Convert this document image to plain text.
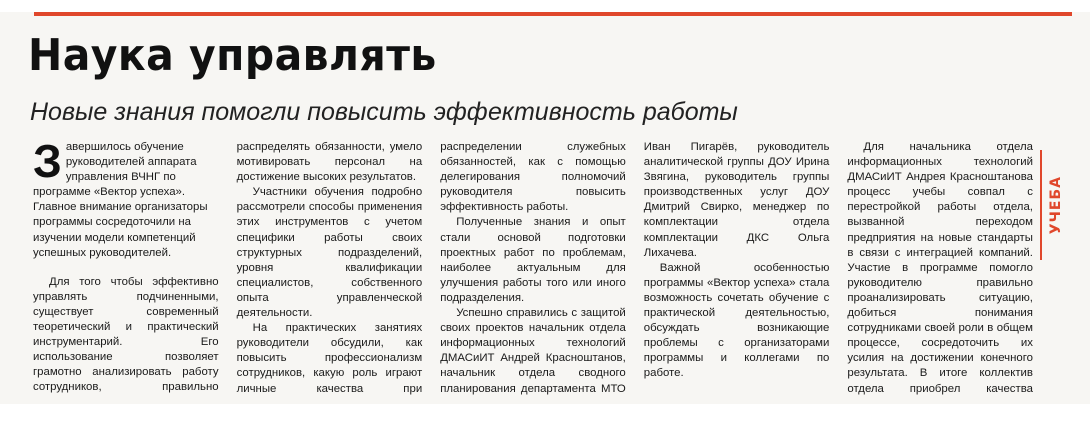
Наука управлять
Новые знания помогли повысить эффективность работы

Завершилось обучение руководителей аппарата управления ВЧНГ по программе «Вектор успеха». Главное внимание организаторы программы сосредоточили на изучении модели компетенций успешных руководителей.

Для того чтобы эффективно управлять подчиненными, существует современный теоретический и практический инструментарий. Его использование позволяет грамотно анализировать работу сотрудников, правильно распределять обязанности, умело мотивировать персонал на достижение высоких результатов.

Участники обучения подробно рассмотрели способы применения этих инструментов с учетом специфики работы своих структурных подразделений, уровня квалификации специалистов, собственного опыта управленческой деятельности.

На практических занятиях руководители обсудили, как повысить профессионализм сотрудников, какую роль играют личные качества при распределении служебных обязанностей, как с помощью делегирования полномочий руководителя повысить эффективность работы.

Полученные знания и опыт стали основой подготовки проектных работ по проблемам, наиболее актуальным для улучшения работы того или иного подразделения.

Успешно справились с защитой своих проектов начальник отдела информационных технологий ДМАСиИТ Андрей Красноштанов, начальник отдела сводного планирования департамента МТО Иван Пигарёв, руководитель аналитической группы ДОУ Ирина Звягина, руководитель группы производственных услуг ДОУ Дмитрий Свирко, менеджер по комплектации отдела комплектации ДКС Ольга Лихачева.

Важной особенностью программы «Вектор успеха» стала возможность сочетать обучение с практической деятельностью, обсуждать возникающие проблемы с организаторами программы и коллегами по работе.

Для начальника отдела информационных технологий ДМАСиИТ Андрея Красноштанова процесс учебы совпал с перестройкой работы отдела, вызванной переходом предприятия на новые стандарты в связи с интеграцией компаний. Участие в программе помогло руководителю правильно проанализировать ситуацию, добиться понимания сотрудниками своей роли в общем процессе, сосредоточить их усилия на достижении конечного результата. В итоге коллектив отдела приобрел качества

УЧЕБА
